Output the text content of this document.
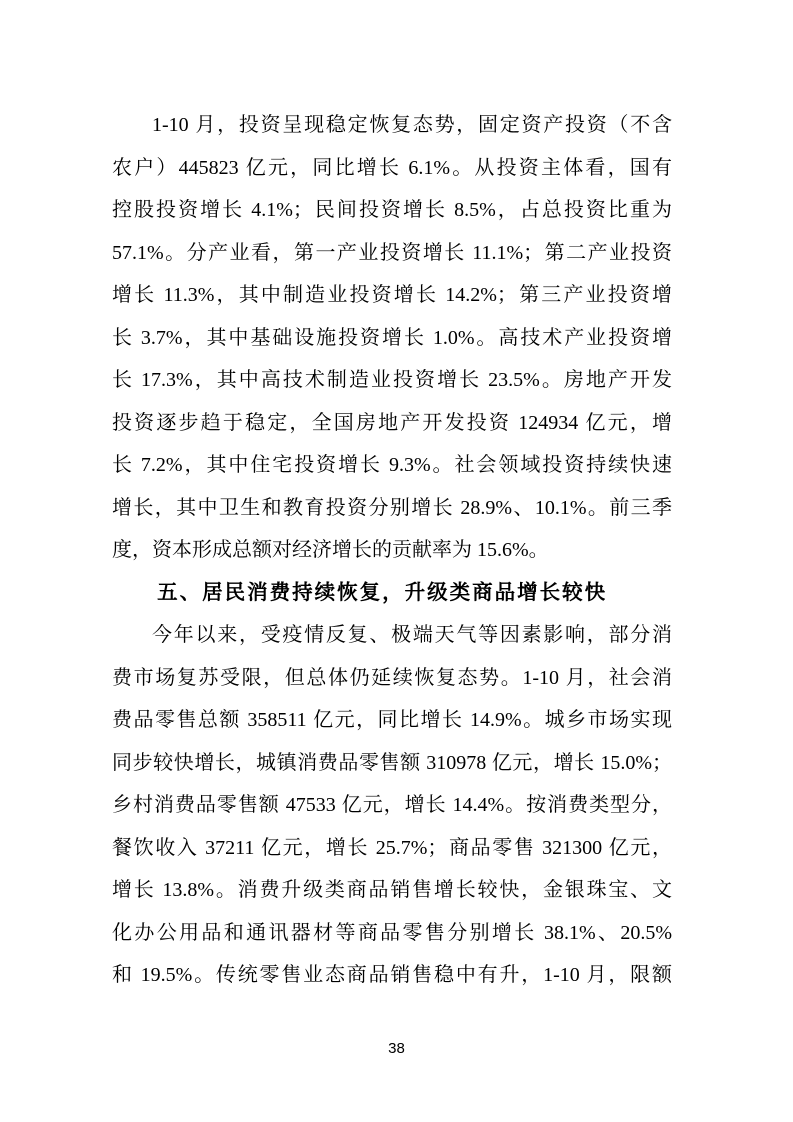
1-10 月，投资呈现稳定恢复态势，固定资产投资（不含
农户）445823 亿元，同比增长 6.1%。从投资主体看，国有
控股投资增长 4.1%；民间投资增长 8.5%，占总投资比重为
57.1%。分产业看，第一产业投资增长 11.1%；第二产业投资
增长 11.3%，其中制造业投资增长 14.2%；第三产业投资增
长 3.7%，其中基础设施投资增长 1.0%。高技术产业投资增
长 17.3%，其中高技术制造业投资增长 23.5%。房地产开发
投资逐步趋于稳定，全国房地产开发投资 124934 亿元，增
长 7.2%，其中住宅投资增长 9.3%。社会领域投资持续快速
增长，其中卫生和教育投资分别增长 28.9%、10.1%。前三季
度，资本形成总额对经济增长的贡献率为 15.6%。
五、居民消费持续恢复，升级类商品增长较快
今年以来，受疫情反复、极端天气等因素影响，部分消
费市场复苏受限，但总体仍延续恢复态势。1-10 月，社会消
费品零售总额 358511 亿元，同比增长 14.9%。城乡市场实现
同步较快增长，城镇消费品零售额 310978 亿元，增长 15.0%；
乡村消费品零售额 47533 亿元，增长 14.4%。按消费类型分，
餐饮收入 37211 亿元，增长 25.7%；商品零售 321300 亿元，
增长 13.8%。消费升级类商品销售增长较快，金银珠宝、文
化办公用品和通讯器材等商品零售分别增长 38.1%、20.5%
和 19.5%。传统零售业态商品销售稳中有升，1-10 月，限额
38
